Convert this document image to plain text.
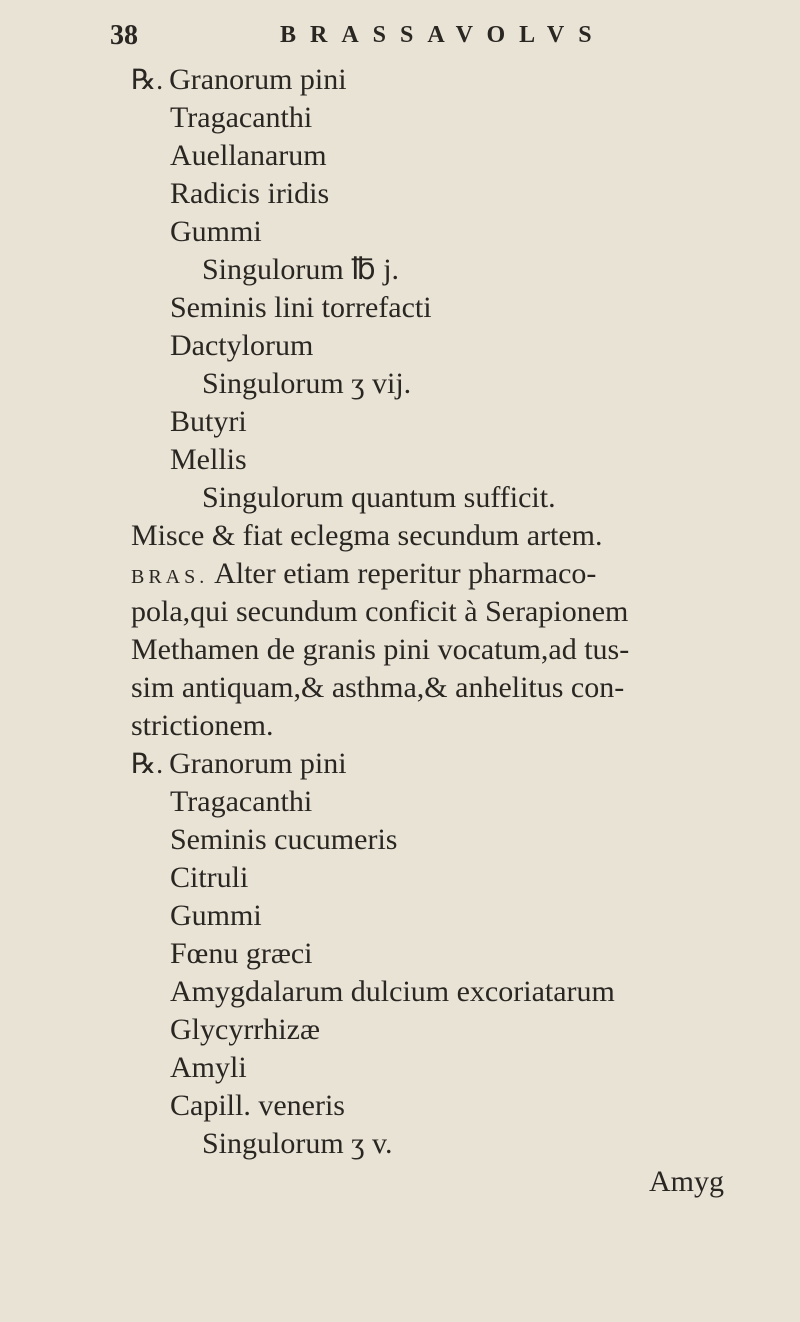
38	BRASSAVOLVS
℞. Granorum pini
Tragacanthi
Auellanarum
Radicis iridis
Gummi
Singulorum ℔ j.
Seminis lini torrefacti
Dactylorum
Singulorum ʒ vij.
Butyri
Mellis
Singulorum quantum sufficit.
Misce & fiat eclegma secundum artem.
BRAS. Alter etiam reperitur pharmaco-
pola,qui secundum conficit à Serapionem
Methamen de granis pini vocatum,ad tus-
sim antiquam,& asthma,& anhelitus con-
strictionem.
℞. Granorum pini
Tragacanthi
Seminis cucumeris
Citruli
Gummi
Fœnu græci
Amygdalarum dulcium excoriatarum
Glycyrrhizæ
Amyli
Capill. veneris
Singulorum ʒ v.
Amyg
